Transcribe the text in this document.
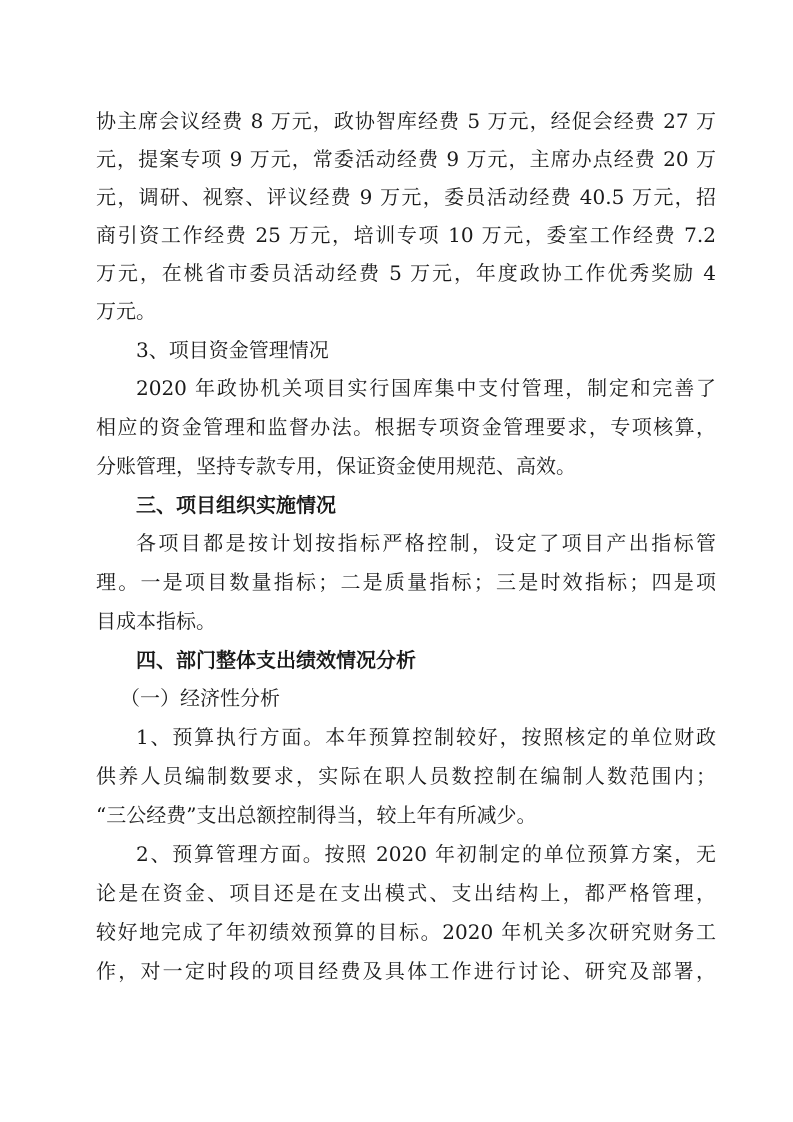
协主席会议经费 8 万元，政协智库经费 5 万元，经促会经费 27 万
元，提案专项 9 万元，常委活动经费 9 万元，主席办点经费 20 万
元，调研、视察、评议经费 9 万元，委员活动经费 40.5 万元，招
商引资工作经费 25 万元，培训专项 10 万元，委室工作经费 7.2
万元，在桃省市委员活动经费 5 万元，年度政协工作优秀奖励 4
万元。
3、项目资金管理情况
2020 年政协机关项目实行国库集中支付管理，制定和完善了
相应的资金管理和监督办法。根据专项资金管理要求，专项核算，
分账管理，坚持专款专用，保证资金使用规范、高效。
三、项目组织实施情况
各项目都是按计划按指标严格控制，设定了项目产出指标管
理。一是项目数量指标；二是质量指标；三是时效指标；四是项
目成本指标。
四、部门整体支出绩效情况分析
（一）经济性分析
1、预算执行方面。本年预算控制较好，按照核定的单位财政
供养人员编制数要求，实际在职人员数控制在编制人数范围内；
“三公经费”支出总额控制得当，较上年有所减少。
2、预算管理方面。按照 2020 年初制定的单位预算方案，无
论是在资金、项目还是在支出模式、支出结构上，都严格管理，
较好地完成了年初绩效预算的目标。2020 年机关多次研究财务工
作，对一定时段的项目经费及具体工作进行讨论、研究及部署，
